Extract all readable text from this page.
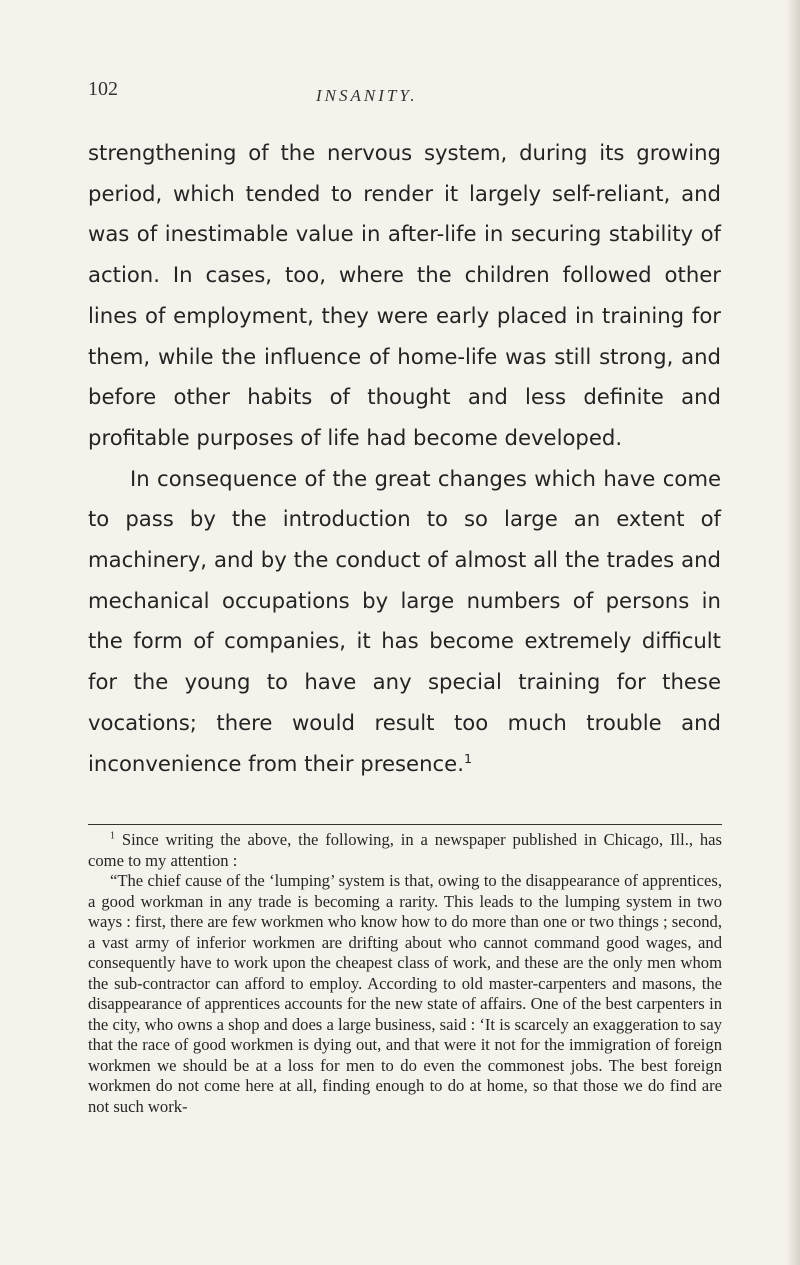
102	INSANITY.

strengthening of the nervous system, during its growing period, which tended to render it largely self-reliant, and was of inestimable value in after-life in securing stability of action. In cases, too, where the children followed other lines of employment, they were early placed in training for them, while the influence of home-life was still strong, and before other habits of thought and less definite and profitable purposes of life had become developed.

In consequence of the great changes which have come to pass by the introduction to so large an extent of machinery, and by the conduct of almost all the trades and mechanical occupations by large numbers of persons in the form of companies, it has become extremely difficult for the young to have any special training for these vocations; there would result too much trouble and inconvenience from their presence.$^1$

$^1$ Since writing the above, the following, in a newspaper published in Chicago, Ill., has come to my attention :

“The chief cause of the ‘lumping’ system is that, owing to the disappearance of apprentices, a good workman in any trade is becoming a rarity. This leads to the lumping system in two ways : first, there are few workmen who know how to do more than one or two things ; second, a vast army of inferior workmen are drifting about who cannot command good wages, and consequently have to work upon the cheapest class of work, and these are the only men whom the sub-contractor can afford to employ. According to old master-carpenters and masons, the disappearance of apprentices accounts for the new state of affairs. One of the best carpenters in the city, who owns a shop and does a large business, said : ‘It is scarcely an exaggeration to say that the race of good workmen is dying out, and that were it not for the immigration of foreign workmen we should be at a loss for men to do even the commonest jobs. The best foreign workmen do not come here at all, finding enough to do at home, so that those we do find are not such work-
